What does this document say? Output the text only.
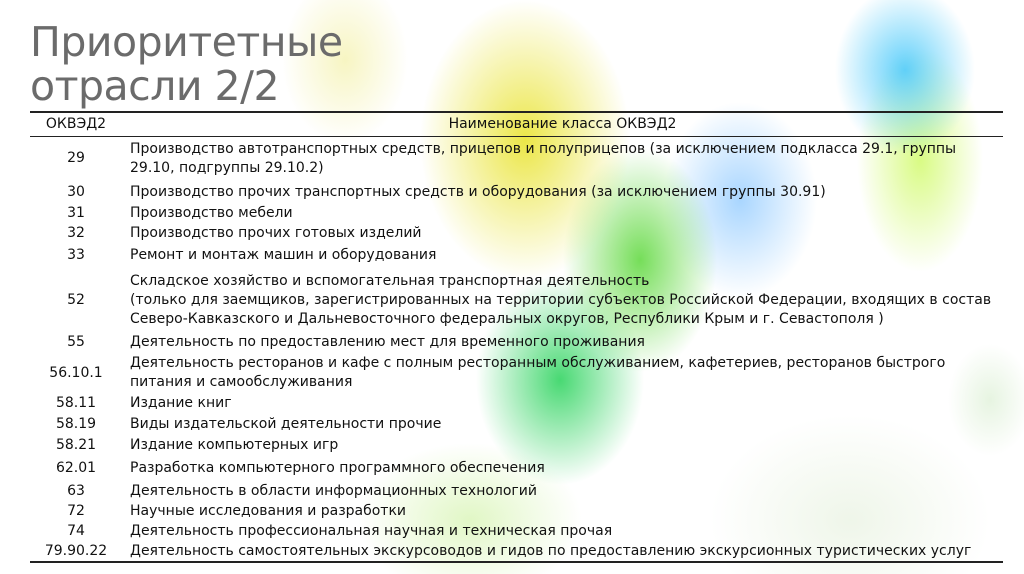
Приоритетные
отрасли 2/2
ОКВЭД2	Наименование класса ОКВЭД2
29	Производство автотранспортных средств, прицепов и полуприцепов (за исключением подкласса 29.1, группы 29.10, подгруппы 29.10.2)
30	Производство прочих транспортных средств и оборудования (за исключением группы 30.91)
31	Производство мебели
32	Производство прочих готовых изделий
33	Ремонт и монтаж машин и оборудования
52	Складское хозяйство и вспомогательная транспортная деятельность
(только для заемщиков, зарегистрированных на территории субъектов Российской Федерации, входящих в состав Северо-Кавказского и Дальневосточного федеральных округов, Республики Крым и г. Севастополя )
55	Деятельность по предоставлению мест для временного проживания
56.10.1	Деятельность ресторанов и кафе с полным ресторанным обслуживанием, кафетериев, ресторанов быстрого питания и самообслуживания
58.11	Издание книг
58.19	Виды издательской деятельности прочие
58.21	Издание компьютерных игр
62.01	Разработка компьютерного программного обеспечения
63	Деятельность в области информационных технологий
72	Научные исследования и разработки
74	Деятельность профессиональная научная и техническая прочая
79.90.22	Деятельность самостоятельных экскурсоводов и гидов по предоставлению экскурсионных туристических услуг
